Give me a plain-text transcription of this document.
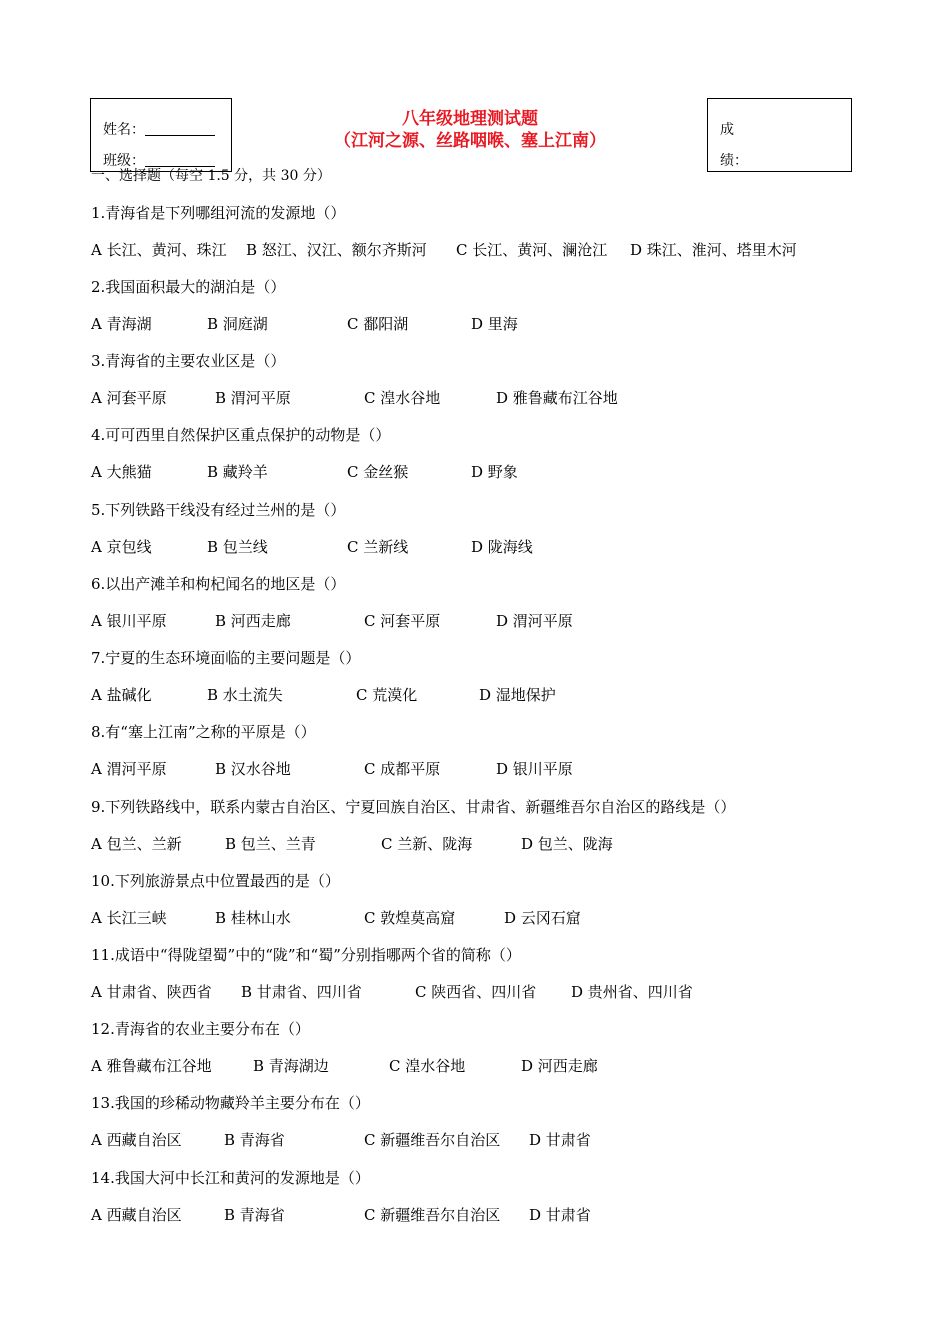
姓名：
班级：
八年级地理测试题
（江河之源、丝路咽喉、塞上江南）
成
绩：
一、选择题（每空 1.5 分，共 30 分）
1.青海省是下列哪组河流的发源地（）
A 长江、黄河、珠江 B 怒江、汉江、额尔齐斯河 C 长江、黄河、澜沧江 D 珠江、淮河、塔里木河
2.我国面积最大的湖泊是（）
A 青海湖	B 洞庭湖	C 鄱阳湖	D 里海
3.青海省的主要农业区是（）
A 河套平原	B 渭河平原	C 湟水谷地	D 雅鲁藏布江谷地
4.可可西里自然保护区重点保护的动物是（）
A 大熊猫	B 藏羚羊	C 金丝猴	D 野象
5.下列铁路干线没有经过兰州的是（）
A 京包线	B 包兰线	C 兰新线	D 陇海线
6.以出产滩羊和枸杞闻名的地区是（）
A 银川平原	B 河西走廊	C 河套平原	D 渭河平原
7.宁夏的生态环境面临的主要问题是（）
A 盐碱化	B 水土流失	C 荒漠化	D 湿地保护
8.有“塞上江南”之称的平原是（）
A 渭河平原	B 汉水谷地	C 成都平原	D 银川平原
9.下列铁路线中，联系内蒙古自治区、宁夏回族自治区、甘肃省、新疆维吾尔自治区的路线是（）
A 包兰、兰新	B 包兰、兰青	C 兰新、陇海	D 包兰、陇海
10.下列旅游景点中位置最西的是（）
A 长江三峡	B 桂林山水	C 敦煌莫高窟	D 云冈石窟
11.成语中“得陇望蜀”中的“陇”和“蜀”分别指哪两个省的简称（）
A 甘肃省、陕西省 B 甘肃省、四川省	C 陕西省、四川省 D 贵州省、四川省
12.青海省的农业主要分布在（）
A 雅鲁藏布江谷地	B 青海湖边	C 湟水谷地	D 河西走廊
13.我国的珍稀动物藏羚羊主要分布在（）
A 西藏自治区	B 青海省	C 新疆维吾尔自治区 D 甘肃省
14.我国大河中长江和黄河的发源地是（）
A 西藏自治区	B 青海省	C 新疆维吾尔自治区 D 甘肃省
